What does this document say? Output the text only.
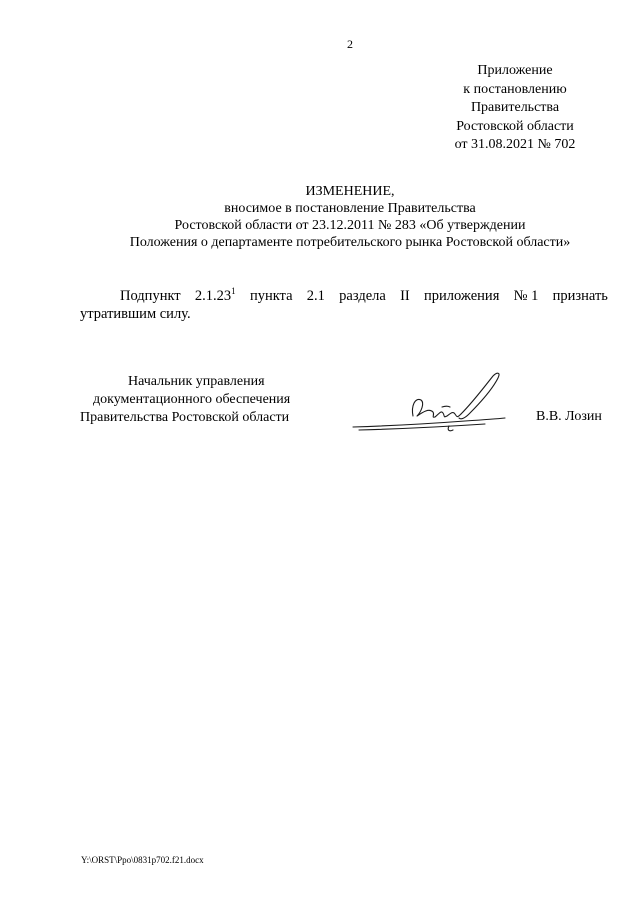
2
Приложение
к постановлению
Правительства
Ростовской области
от 31.08.2021 № 702
ИЗМЕНЕНИЕ,
вносимое в постановление Правительства
Ростовской области от 23.12.2011 № 283 «Об утверждении
Положения о департаменте потребительского рынка Ростовской области»
Подпункт 2.1.23$^1$ пункта 2.1 раздела II приложения № 1 признать
утратившим силу.
Начальник управления
документационного обеспечения
Правительства Ростовской области	В.В. Лозин
Y:\ORST\Ppo\0831p702.f21.docx
